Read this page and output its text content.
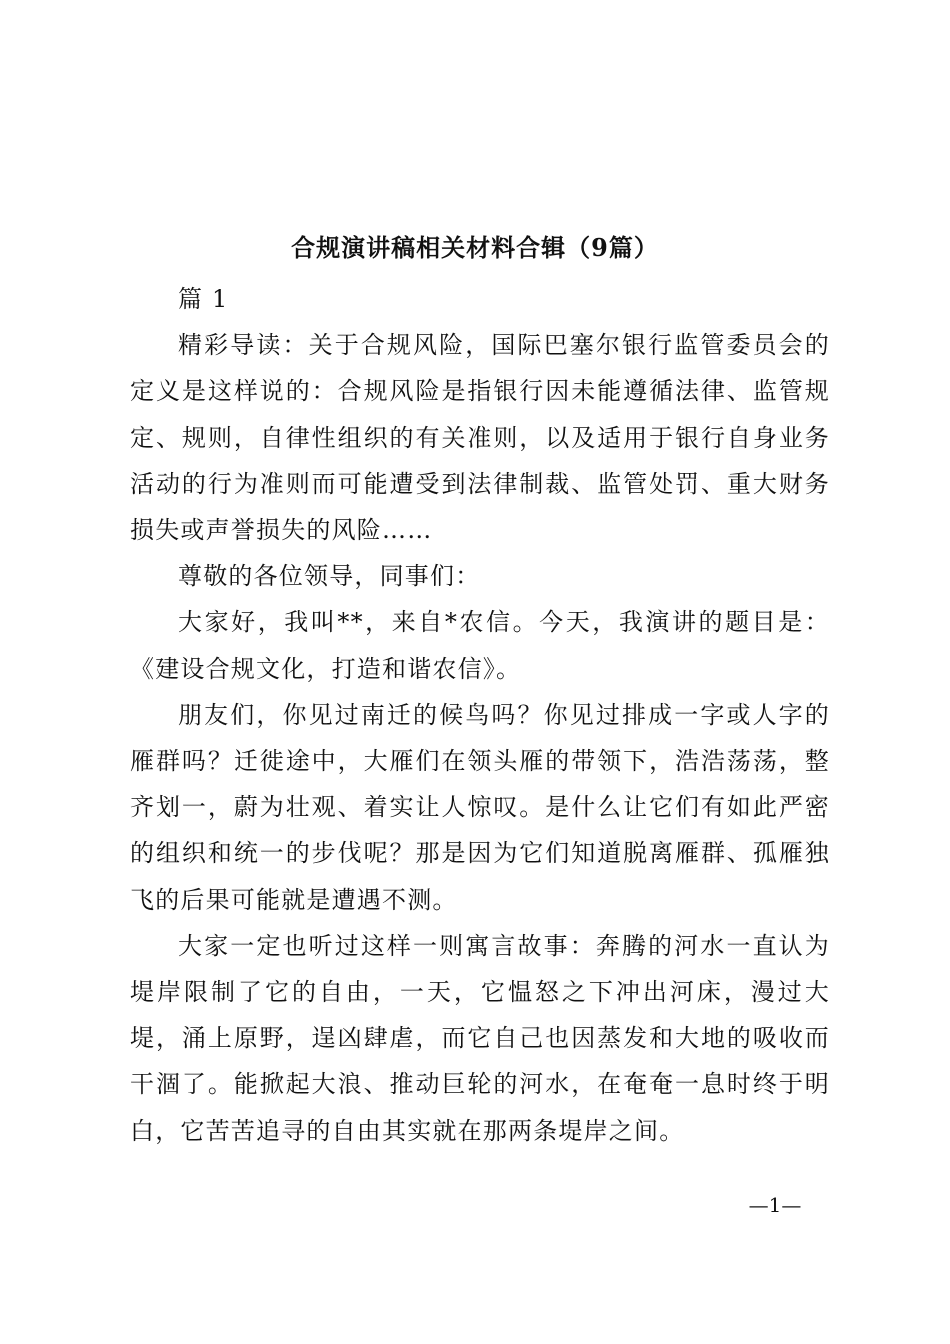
合规演讲稿相关材料合辑（9篇）

篇 1

精彩导读：关于合规风险，国际巴塞尔银行监管委员会的定义是这样说的：合规风险是指银行因未能遵循法律、监管规定、规则，自律性组织的有关准则，以及适用于银行自身业务活动的行为准则而可能遭受到法律制裁、监管处罚、重大财务损失或声誉损失的风险……

尊敬的各位领导，同事们：

大家好，我叫**，来自*农信。今天，我演讲的题目是：《建设合规文化，打造和谐农信》。

朋友们，你见过南迁的候鸟吗？你见过排成一字或人字的雁群吗？迁徙途中，大雁们在领头雁的带领下，浩浩荡荡，整齐划一，蔚为壮观、着实让人惊叹。是什么让它们有如此严密的组织和统一的步伐呢？那是因为它们知道脱离雁群、孤雁独飞的后果可能就是遭遇不测。

大家一定也听过这样一则寓言故事：奔腾的河水一直认为堤岸限制了它的自由，一天，它愠怒之下冲出河床，漫过大堤，涌上原野，逞凶肆虐，而它自己也因蒸发和大地的吸收而干涸了。能掀起大浪、推动巨轮的河水，在奄奄一息时终于明白，它苦苦追寻的自由其实就在那两条堤岸之间。

—1—
